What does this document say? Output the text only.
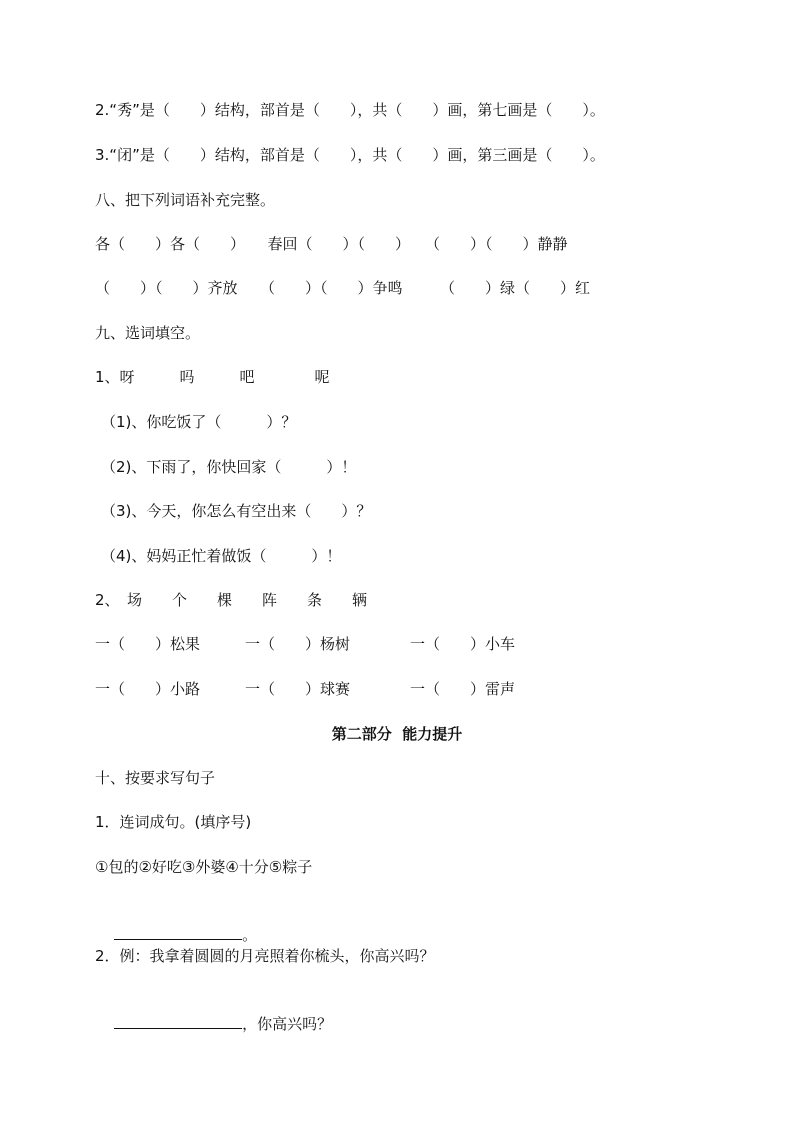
2.“秀”是（　　）结构，部首是（　　），共（　　）画，第七画是（　　）。
3.“闭”是（　　）结构，部首是（　　），共（　　）画，第三画是（　　）。
八、把下列词语补充完整。
各（　　）各（　　）　　春回（　　）（　　）　　（　　）（　　）静静
（　　）（　　）齐放　　（　　）（　　）争鸣　　　（　　）绿（　　）红
九、选词填空。
1、呀　　　吗　　　吧　　　　呢
（1)、你吃饭了（　　　）？
（2)、下雨了，你快回家（　　　）！
（3)、今天，你怎么有空出来（　　）？
（4)、妈妈正忙着做饭（　　　）！
2、　场　　个　　棵　　阵　　条　　辆
一（　　）松果　　　一（　　）杨树　　　　一（　　）小车
一（　　）小路　　　一（　　）球赛　　　　一（　　）雷声
第二部分  能力提升
十、按要求写句子
1．连词成句。(填序号)
①包的②好吃③外婆④十分⑤粽子

。

2．例：我拿着圆圆的月亮照着你梳头，你高兴吗？

，你高兴吗？
